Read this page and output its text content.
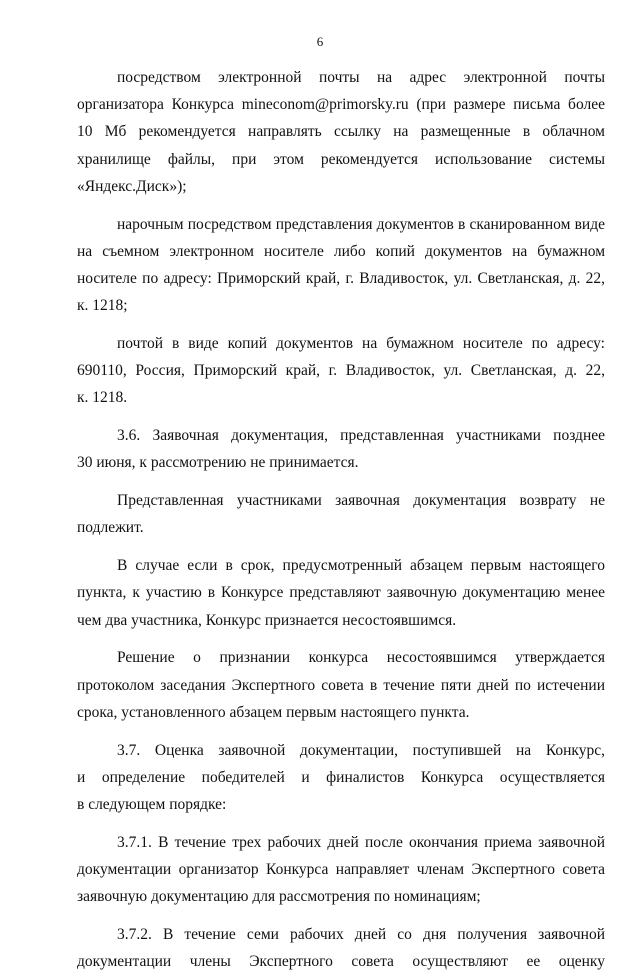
6
посредством электронной почты на адрес электронной почты
организатора Конкурса mineconom@primorsky.ru (при размере письма более
10 Мб рекомендуется направлять ссылку на размещенные в облачном
хранилище файлы, при этом рекомендуется использование системы
«Яндекс.Диск»);
нарочным посредством представления документов в сканированном виде
на съемном электронном носителе либо копий документов на бумажном
носителе по адресу: Приморский край, г. Владивосток, ул. Светланская, д. 22,
к. 1218;
почтой в виде копий документов на бумажном носителе по адресу:
690110, Россия, Приморский край, г. Владивосток, ул. Светланская, д. 22,
к. 1218.
3.6. Заявочная документация, представленная участниками позднее
30 июня, к рассмотрению не принимается.
Представленная участниками заявочная документация возврату не
подлежит.
В случае если в срок, предусмотренный абзацем первым настоящего
пункта, к участию в Конкурсе представляют заявочную документацию менее
чем два участника, Конкурс признается несостоявшимся.
Решение о признании конкурса несостоявшимся утверждается
протоколом заседания Экспертного совета в течение пяти дней по истечении
срока, установленного абзацем первым настоящего пункта.
3.7. Оценка заявочной документации, поступившей на Конкурс,
и определение победителей и финалистов Конкурса осуществляется
в следующем порядке:
3.7.1. В течение трех рабочих дней после окончания приема заявочной
документации организатор Конкурса направляет членам Экспертного совета
заявочную документацию для рассмотрения по номинациям;
3.7.2. В течение семи рабочих дней со дня получения заявочной
документации члены Экспертного совета осуществляют ее оценку
